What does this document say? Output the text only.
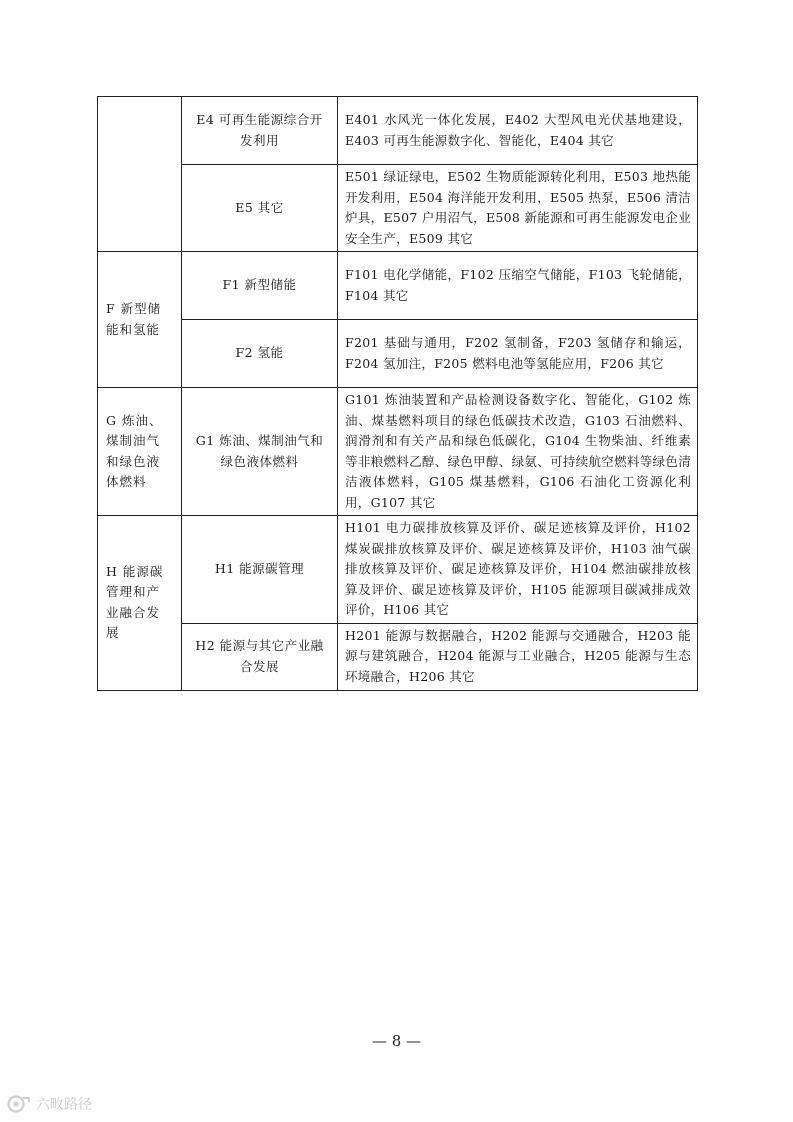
	E4 可再生能源综合开发利用	E401 水风光一体化发展，E402 大型风电光伏基地建设，E403 可再生能源数字化、智能化，E404 其它
	E5 其它	E501 绿证绿电，E502 生物质能源转化利用，E503 地热能开发利用，E504 海洋能开发利用，E505 热泵，E506 清洁炉具，E507 户用沼气，E508 新能源和可再生能源发电企业安全生产，E509 其它
F 新型储能和氢能	F1 新型储能	F101 电化学储能，F102 压缩空气储能，F103 飞轮储能，F104 其它
	F2 氢能	F201 基础与通用，F202 氢制备，F203 氢储存和输运，F204 氢加注，F205 燃料电池等氢能应用，F206 其它
G 炼油、煤制油气和绿色液体燃料	G1 炼油、煤制油气和绿色液体燃料	G101 炼油装置和产品检测设备数字化、智能化，G102 炼油、煤基燃料项目的绿色低碳技术改造，G103 石油燃料、润滑剂和有关产品和绿色低碳化，G104 生物柴油、纤维素等非粮燃料乙醇、绿色甲醇、绿氨、可持续航空燃料等绿色清洁液体燃料，G105 煤基燃料，G106 石油化工资源化利用，G107 其它
H 能源碳管理和产业融合发展	H1 能源碳管理	H101 电力碳排放核算及评价、碳足迹核算及评价，H102 煤炭碳排放核算及评价、碳足迹核算及评价，H103 油气碳排放核算及评价、碳足迹核算及评价，H104 燃油碳排放核算及评价、碳足迹核算及评价，H105 能源项目碳减排成效评价，H106 其它
	H2 能源与其它产业融合发展	H201 能源与数据融合，H202 能源与交通融合，H203 能源与建筑融合，H204 能源与工业融合，H205 能源与生态环境融合，H206 其它
— 8 —
六畋路径
